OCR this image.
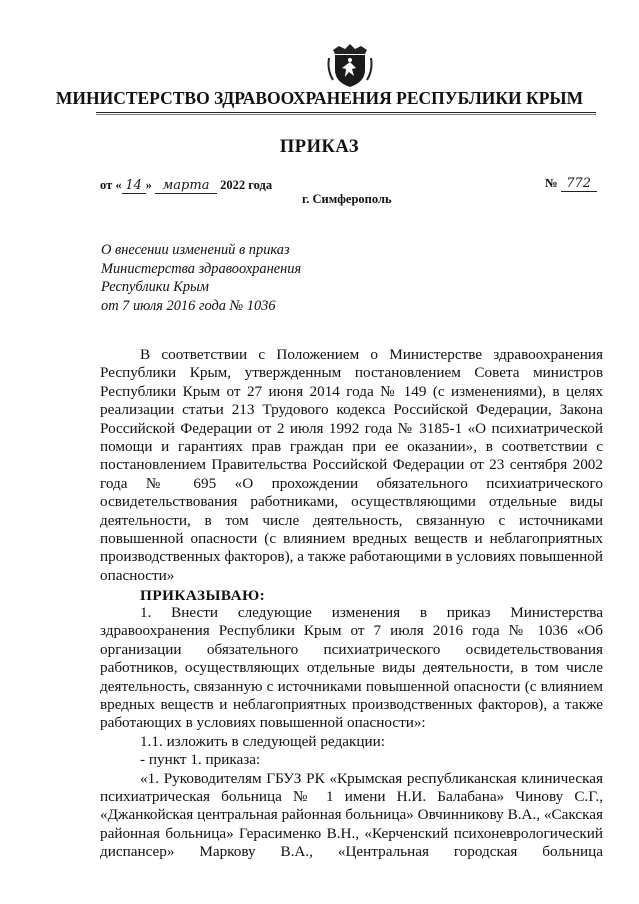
МИНИСТЕРСТВО ЗДРАВООХРАНЕНИЯ РЕСПУБЛИКИ КРЫМ
ПРИКАЗ
от « 14 » марта 2022 года	№ 772
г. Симферополь
О внесении изменений в приказ
Министерства здравоохранения
Республики Крым
от 7 июля 2016 года № 1036
В соответствии с Положением о Министерстве здравоохранения
Республики Крым, утвержденным постановлением Совета министров
Республики Крым от 27 июня 2014 года № 149 (с изменениями), в целях
реализации статьи 213 Трудового кодекса Российской Федерации, Закона
Российской Федерации от 2 июля 1992 года № 3185-1 «О психиатрической
помощи и гарантиях прав граждан при ее оказании», в соответствии с
постановлением Правительства Российской Федерации от 23 сентября 2002
года № 695 «О прохождении обязательного психиатрического
освидетельствования работниками, осуществляющими отдельные виды
деятельности, в том числе деятельность, связанную с источниками
повышенной опасности (с влиянием вредных веществ и неблагоприятных
производственных факторов), а также работающими в условиях повышенной
опасности»
ПРИКАЗЫВАЮ:
1. Внести следующие изменения в приказ Министерства
здравоохранения Республики Крым от 7 июля 2016 года № 1036 «Об
организации обязательного психиатрического освидетельствования
работников, осуществляющих отдельные виды деятельности, в том числе
деятельность, связанную с источниками повышенной опасности (с влиянием
вредных веществ и неблагоприятных производственных факторов), а также
работающих в условиях повышенной опасности»:
1.1. изложить в следующей редакции:
- пункт 1. приказа:
«1. Руководителям ГБУЗ РК «Крымская республиканская клиническая
психиатрическая больница № 1 имени Н.И. Балабана» Чинову С.Г.,
«Джанкойская центральная районная больница» Овчинникову В.А., «Сакская
районная больница» Герасименко В.Н., «Керченский психоневрологический
диспансер» Маркову В.А., «Центральная городская больница
